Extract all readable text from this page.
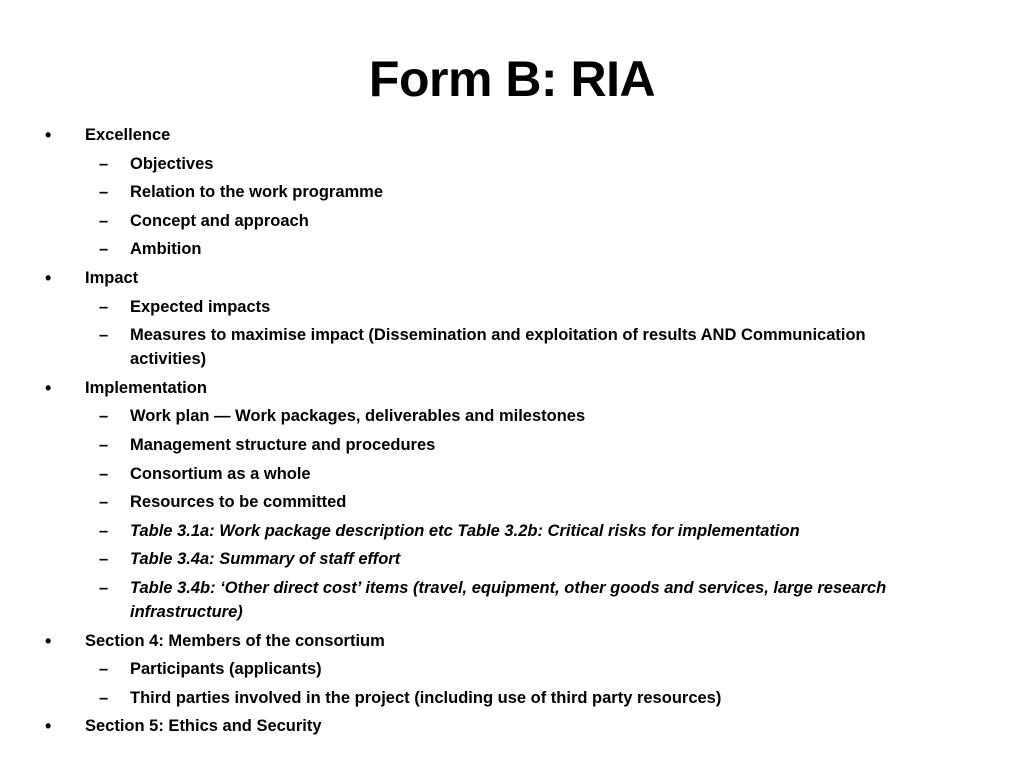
Form B: RIA
• Excellence
– Objectives
– Relation to the work programme
– Concept and approach
– Ambition
• Impact
– Expected impacts
– Measures to maximise impact (Dissemination and exploitation of results AND Communication activities)
• Implementation
– Work plan — Work packages, deliverables and milestones
– Management structure and procedures
– Consortium as a whole
– Resources to be committed
– Table 3.1a: Work package description etc Table 3.2b: Critical risks for implementation
– Table 3.4a: Summary of staff effort
– Table 3.4b: ‘Other direct cost’ items (travel, equipment, other goods and services, large research infrastructure)
• Section 4: Members of the consortium
– Participants (applicants)
– Third parties involved in the project (including use of third party resources)
• Section 5: Ethics and Security
